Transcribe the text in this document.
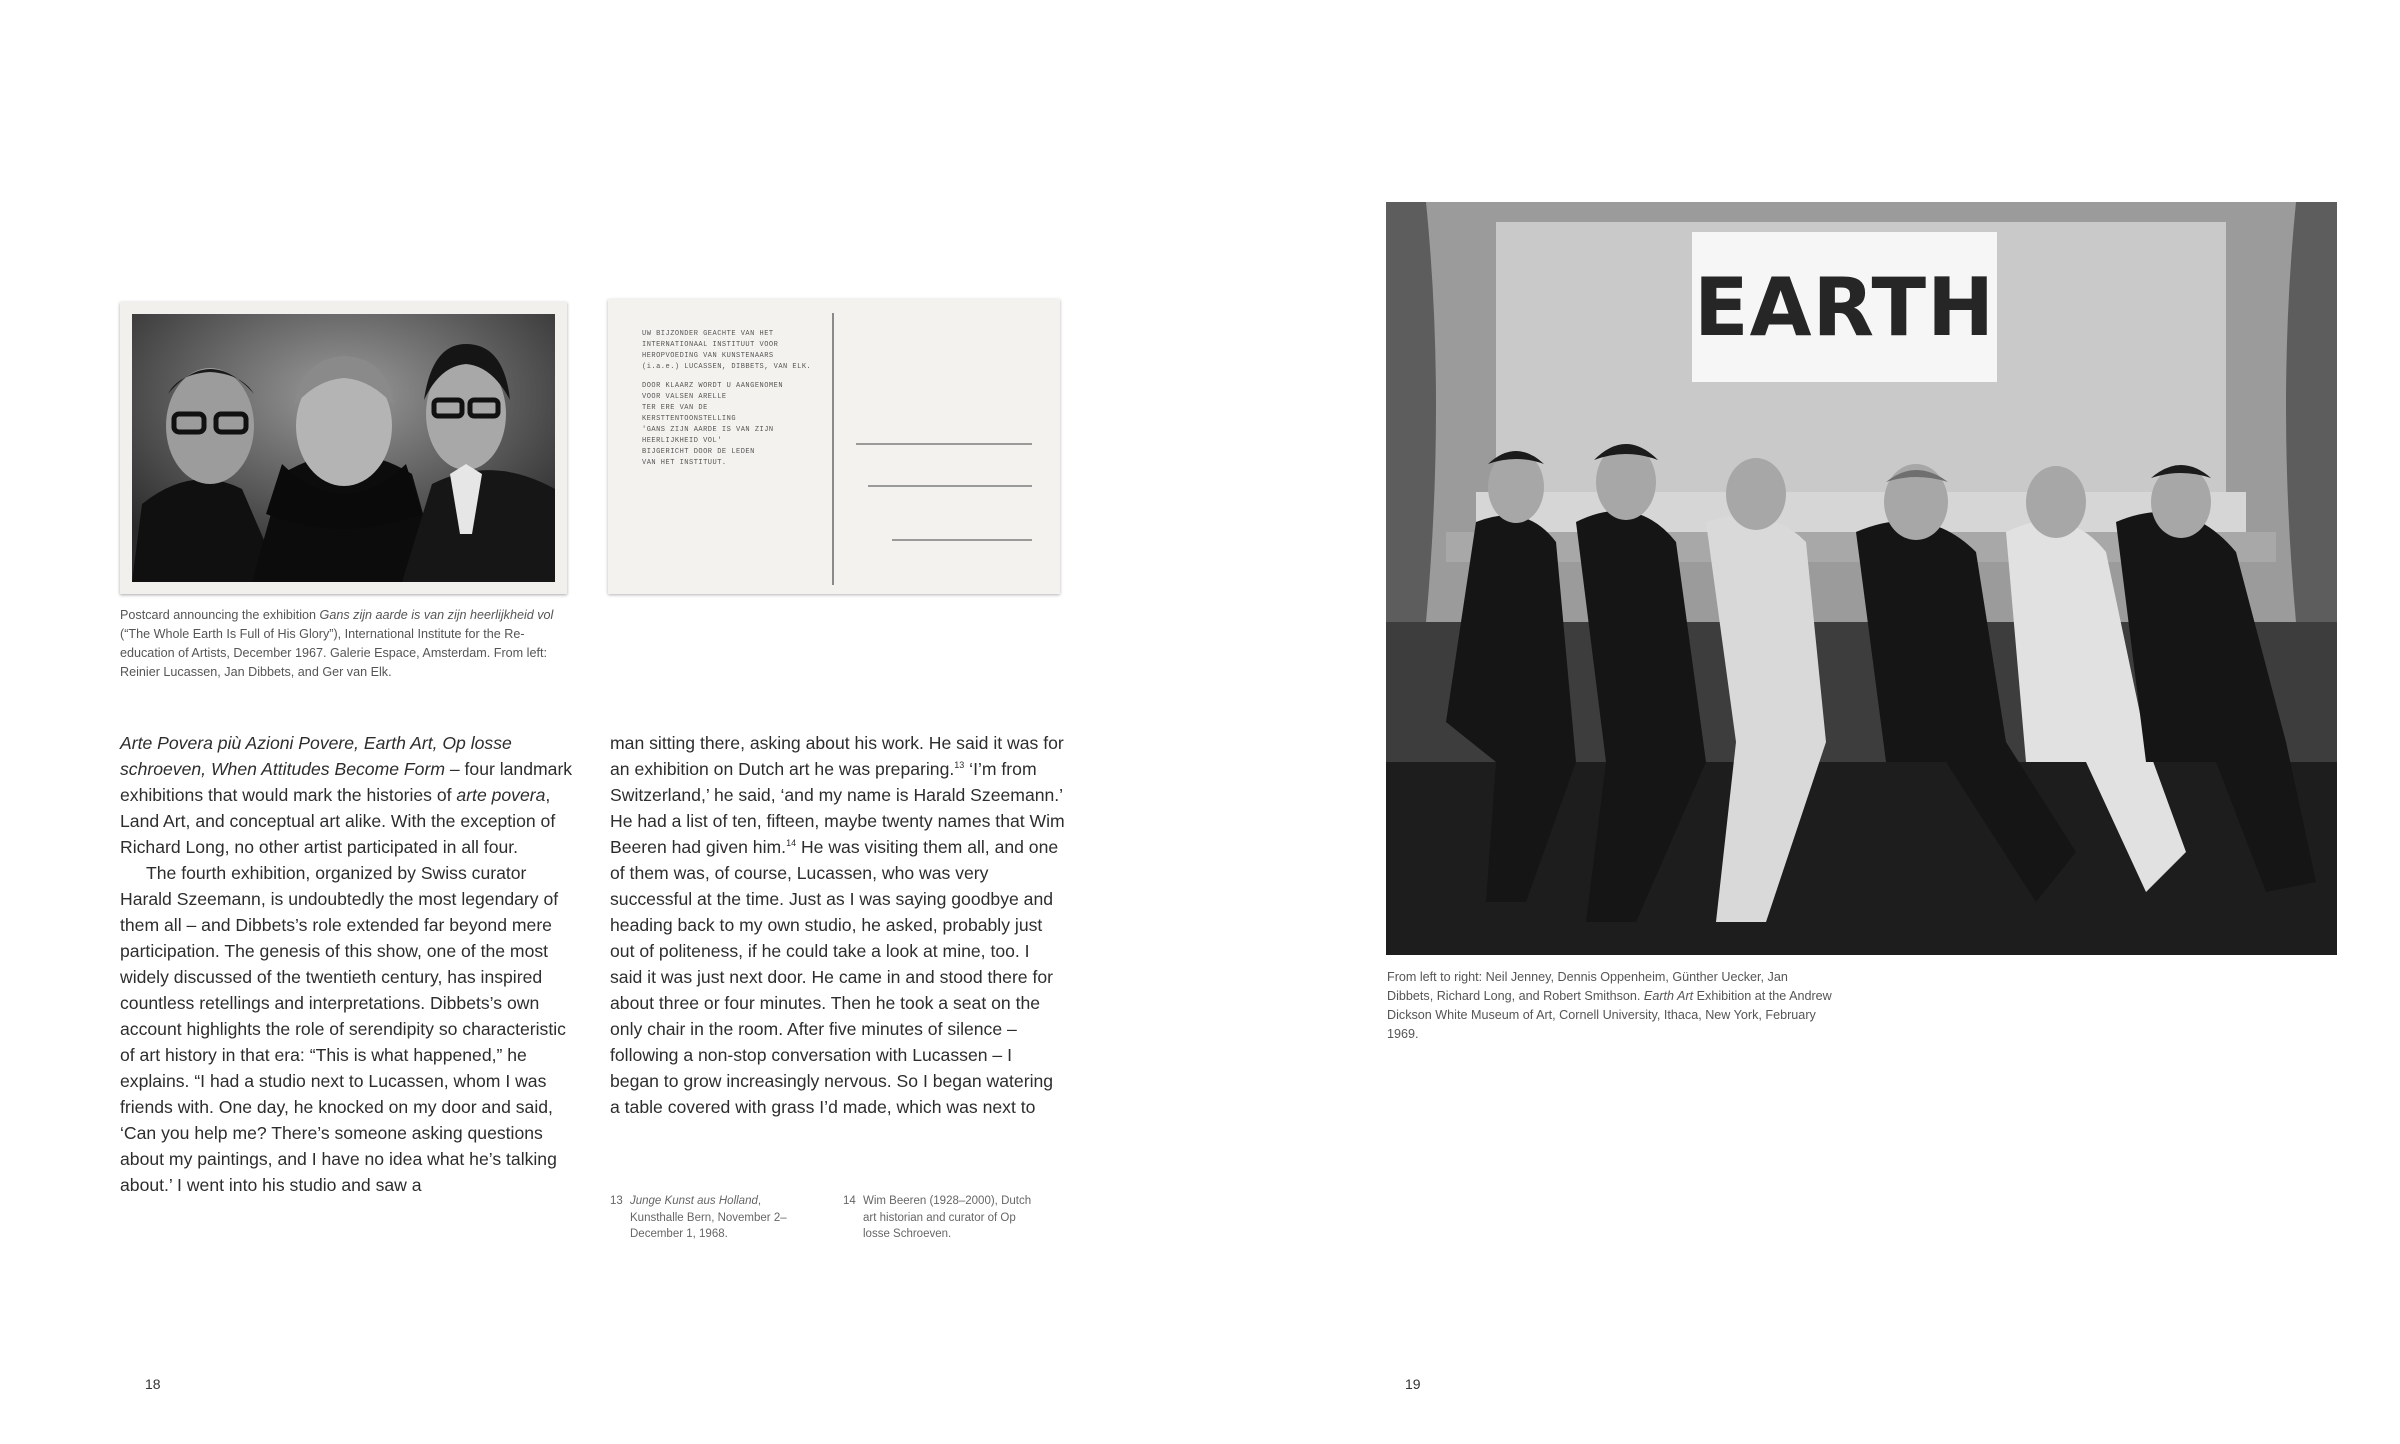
UW BIJZONDER GEACHTE VAN HET
INTERNATIONAAL INSTITUUT VOOR
HEROPVOEDING VAN KUNSTENAARS
(i.a.e.) LUCASSEN, DIBBETS, VAN ELK.
DOOR KLAARZ WORDT U AANGENOMEN
VOOR VALSEN ARELLE
TER ERE VAN DE
KERSTTENTOONSTELLING
'GANS ZIJN AARDE IS VAN ZIJN
HEERLIJKHEID VOL'
BIJGERICHT DOOR DE LEDEN
VAN HET INSTITUUT.
Postcard announcing the exhibition Gans zijn aarde is van zijn heerlijkheid vol (“The Whole Earth Is Full of His Glory”), International Institute for the Re-education of Artists, December 1967. Galerie Espace, Amsterdam. From left: Reinier Lucassen, Jan Dibbets, and Ger van Elk.

Arte Povera più Azioni Povere, Earth Art, Op losse schroeven, When Attitudes Become Form – four landmark exhibitions that would mark the histories of arte povera, Land Art, and conceptual art alike. With the exception of Richard Long, no other artist participated in all four.

The fourth exhibition, organized by Swiss curator Harald Szeemann, is undoubtedly the most legendary of them all – and Dibbets’s role extended far beyond mere participation. The genesis of this show, one of the most widely discussed of the twentieth century, has inspired countless retellings and interpretations. Dibbets’s own account highlights the role of serendipity so characteristic of art history in that era: “This is what happened,” he explains. “I had a studio next to Lucassen, whom I was friends with. One day, he knocked on my door and said, ‘Can you help me? There’s someone asking questions about my paintings, and I have no idea what he’s talking about.’ I went into his studio and saw a

man sitting there, asking about his work. He said it was for an exhibition on Dutch art he was preparing.$^{13}$ ‘I’m from Switzerland,’ he said, ‘and my name is Harald Szeemann.’ He had a list of ten, fifteen, maybe twenty names that Wim Beeren had given him.$^{14}$ He was visiting them all, and one of them was, of course, Lucassen, who was very successful at the time. Just as I was saying goodbye and heading back to my own studio, he asked, probably just out of politeness, if he could take a look at mine, too. I said it was just next door. He came in and stood there for about three or four minutes. Then he took a seat on the only chair in the room. After five minutes of silence – following a non-stop conversation with Lucassen – I began to grow increasingly nervous. So I began watering a table covered with grass I’d made, which was next to

13 Junge Kunst aus Holland, Kunsthalle Bern, November 2– December 1, 1968.
14 Wim Beeren (1928–2000), Dutch art historian and curator of Op losse Schroeven.
18
EARTH
From left to right: Neil Jenney, Dennis Oppenheim, Günther Uecker, Jan Dibbets, Richard Long, and Robert Smithson. Earth Art Exhibition at the Andrew Dickson White Museum of Art, Cornell University, Ithaca, New York, February 1969.
19
